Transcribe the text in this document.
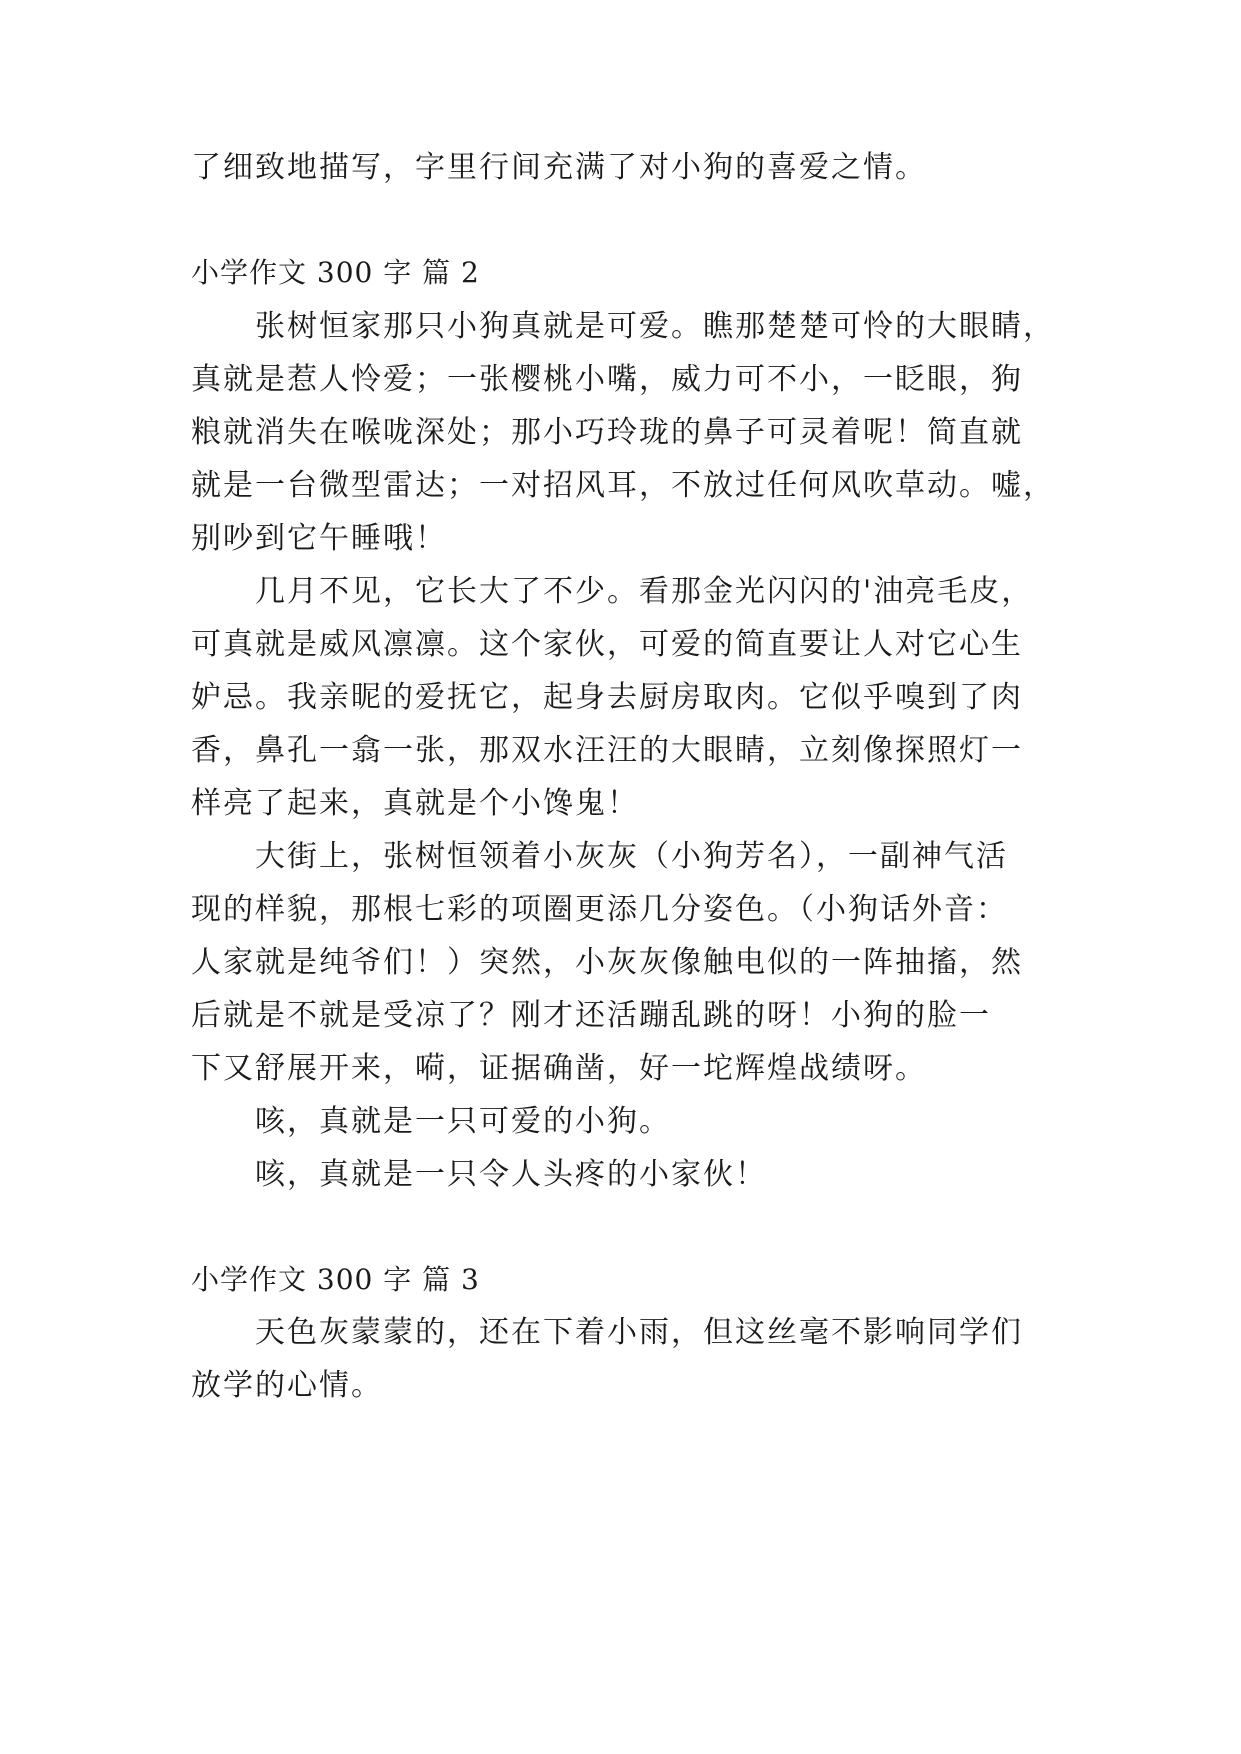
了细致地描写，字里行间充满了对小狗的喜爱之情。
小学作文 300 字 篇 2
张树恒家那只小狗真就是可爱。瞧那楚楚可怜的大眼睛，
真就是惹人怜爱；一张樱桃小嘴，威力可不小，一眨眼，狗
粮就消失在喉咙深处；那小巧玲珑的鼻子可灵着呢！简直就
就是一台微型雷达；一对招风耳，不放过任何风吹草动。嘘，
别吵到它午睡哦！
几月不见，它长大了不少。看那金光闪闪的'油亮毛皮，
可真就是威风凛凛。这个家伙，可爱的简直要让人对它心生
妒忌。我亲昵的爱抚它，起身去厨房取肉。它似乎嗅到了肉
香，鼻孔一翕一张，那双水汪汪的大眼睛，立刻像探照灯一
样亮了起来，真就是个小馋鬼！
大街上，张树恒领着小灰灰（小狗芳名），一副神气活
现的样貌，那根七彩的项圈更添几分姿色。（小狗话外音：
人家就是纯爷们！）突然，小灰灰像触电似的一阵抽搐，然
后就是不就是受凉了？刚才还活蹦乱跳的呀！小狗的脸一
下又舒展开来，嗬，证据确凿，好一坨辉煌战绩呀。
咳，真就是一只可爱的小狗。
咳，真就是一只令人头疼的小家伙！
小学作文 300 字 篇 3
天色灰蒙蒙的，还在下着小雨，但这丝毫不影响同学们
放学的心情。
